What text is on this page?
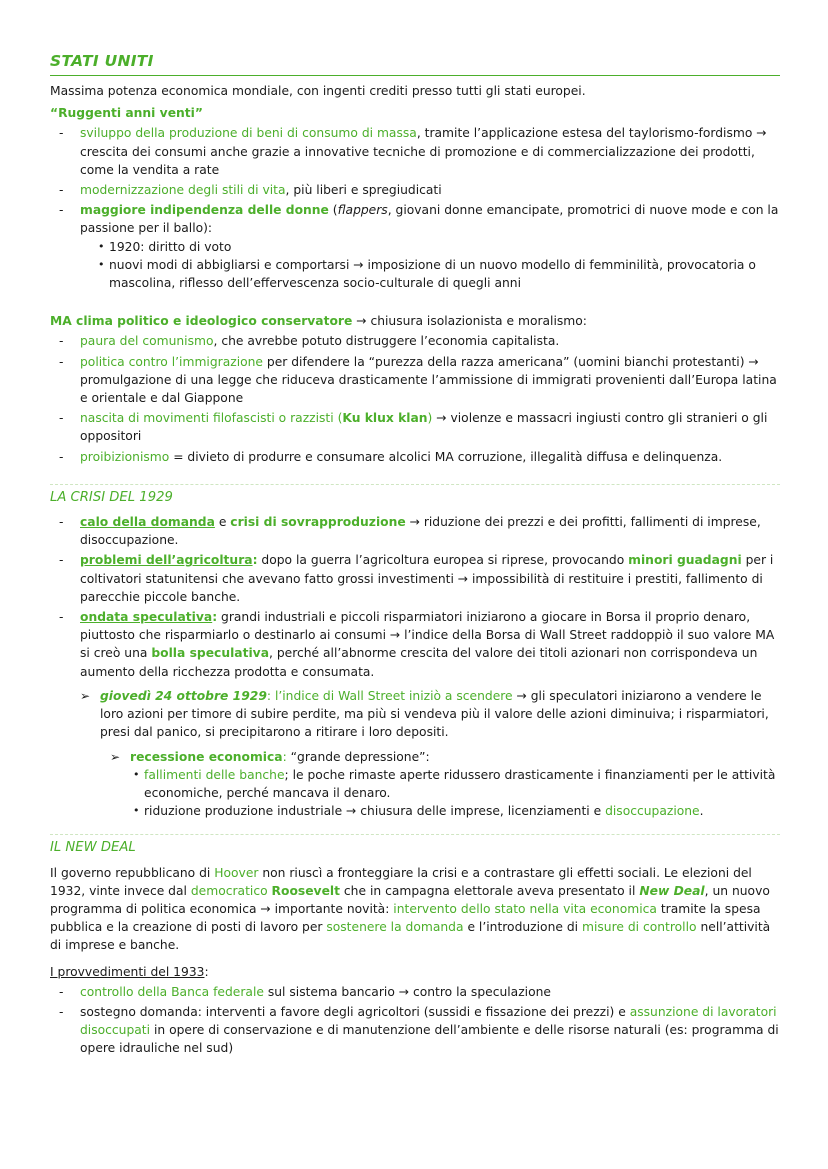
STATI UNITI

Massima potenza economica mondiale, con ingenti crediti presso tutti gli stati europei.

“Ruggenti anni venti”
- sviluppo della produzione di beni di consumo di massa, tramite l’applicazione estesa del taylorismo-fordismo → crescita dei consumi anche grazie a innovative tecniche di promozione e di commercializzazione dei prodotti, come la vendita a rate
- modernizzazione degli stili di vita, più liberi e spregiudicati
- maggiore indipendenza delle donne (flappers, giovani donne emancipate, promotrici di nuove mode e con la passione per il ballo):
• 1920: diritto di voto
• nuovi modi di abbigliarsi e comportarsi → imposizione di un nuovo modello di femminilità, provocatoria o mascolina, riflesso dell’effervescenza socio-culturale di quegli anni

MA clima politico e ideologico conservatore → chiusura isolazionista e moralismo:

- paura del comunismo, che avrebbe potuto distruggere l’economia capitalista.
- politica contro l’immigrazione per difendere la “purezza della razza americana” (uomini bianchi protestanti) → promulgazione di una legge che riduceva drasticamente l’ammissione di immigrati provenienti dall’Europa latina e orientale e dal Giappone
- nascita di movimenti filofascisti o razzisti (Ku klux klan) → violenze e massacri ingiusti contro gli stranieri o gli oppositori
- proibizionismo = divieto di produrre e consumare alcolici MA corruzione, illegalità diffusa e delinquenza.
LA CRISI DEL 1929
- calo della domanda e crisi di sovrapproduzione → riduzione dei prezzi e dei profitti, fallimenti di imprese, disoccupazione.
- problemi dell’agricoltura: dopo la guerra l’agricoltura europea si riprese, provocando minori guadagni per i coltivatori statunitensi che avevano fatto grossi investimenti → impossibilità di restituire i prestiti, fallimento di parecchie piccole banche.
- ondata speculativa: grandi industriali e piccoli risparmiatori iniziarono a giocare in Borsa il proprio denaro, piuttosto che risparmiarlo o destinarlo ai consumi → l’indice della Borsa di Wall Street raddoppiò il suo valore MA si creò una bolla speculativa, perché all’abnorme crescita del valore dei titoli azionari non corrispondeva un aumento della ricchezza prodotta e consumata.
➢ giovedì 24 ottobre 1929: l’indice di Wall Street iniziò a scendere → gli speculatori iniziarono a vendere le loro azioni per timore di subire perdite, ma più si vendeva più il valore delle azioni diminuiva; i risparmiatori, presi dal panico, si precipitarono a ritirare i loro depositi.
➢ recessione economica: “grande depressione”:
• fallimenti delle banche; le poche rimaste aperte ridussero drasticamente i finanziamenti per le attività economiche, perché mancava il denaro.
• riduzione produzione industriale → chiusura delle imprese, licenziamenti e disoccupazione.
IL NEW DEAL

Il governo repubblicano di Hoover non riuscì a fronteggiare la crisi e a contrastare gli effetti sociali. Le elezioni del 1932, vinte invece dal democratico Roosevelt che in campagna elettorale aveva presentato il New Deal, un nuovo programma di politica economica → importante novità: intervento dello stato nella vita economica tramite la spesa pubblica e la creazione di posti di lavoro per sostenere la domanda e l’introduzione di misure di controllo nell’attività di imprese e banche.

I provvedimenti del 1933:

- controllo della Banca federale sul sistema bancario → contro la speculazione
- sostegno domanda: interventi a favore degli agricoltori (sussidi e fissazione dei prezzi) e assunzione di lavoratori disoccupati in opere di conservazione e di manutenzione dell’ambiente e delle risorse naturali (es: programma di opere idrauliche nel sud)
